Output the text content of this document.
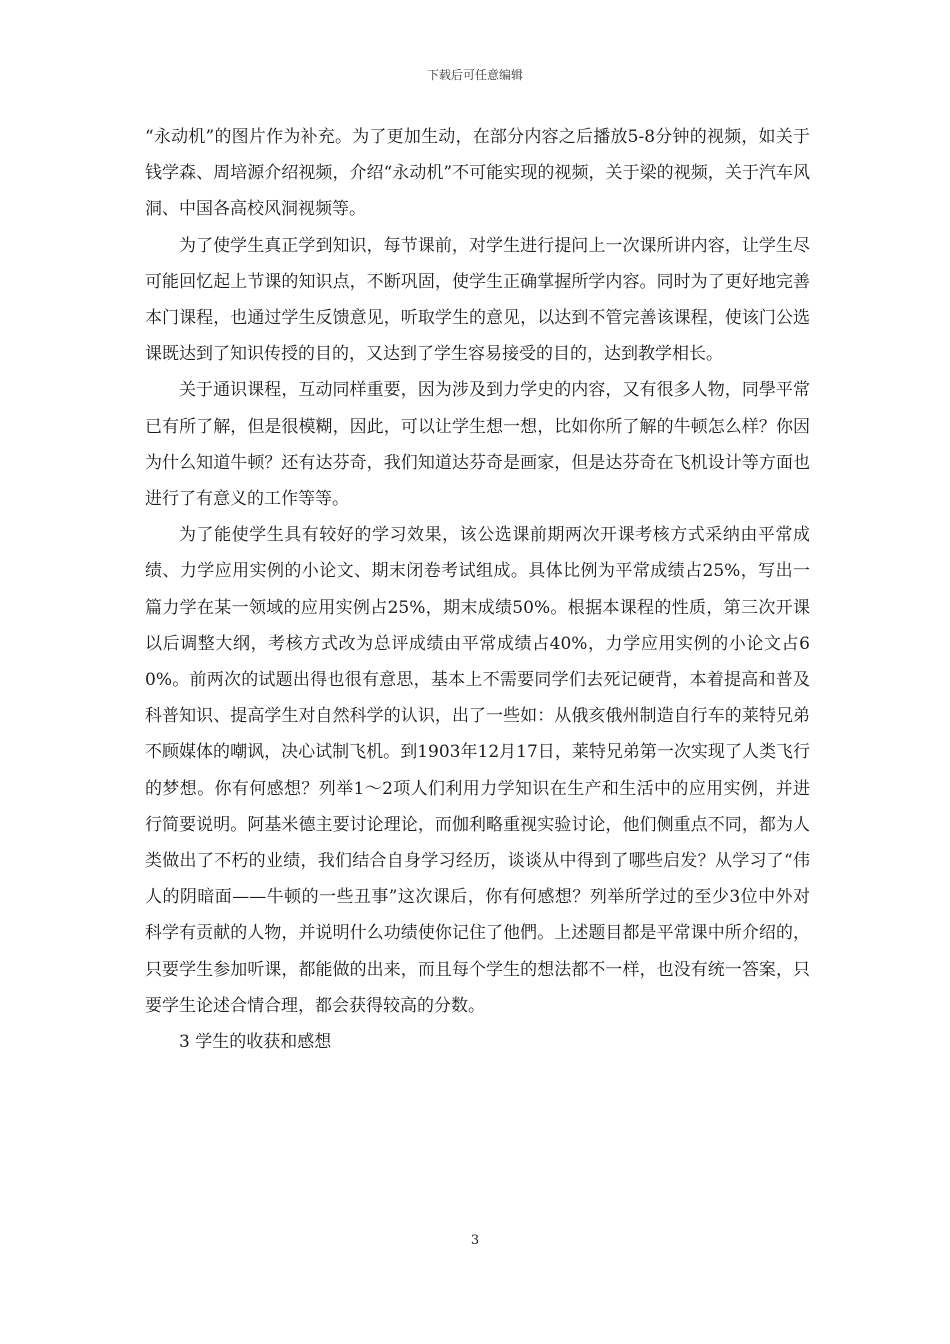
下载后可任意编辑

“永动机”的图片作为补充。为了更加生动，在部分内容之后播放5-8分钟的视频，如关于钱学森、周培源介绍视频，介绍“永动机”不可能实现的视频，关于梁的视频，关于汽车风洞、中国各高校风洞视频等。

为了使学生真正学到知识，每节课前，对学生进行提问上一次课所讲内容，让学生尽可能回忆起上节课的知识点，不断巩固，使学生正确掌握所学内容。同时为了更好地完善本门课程，也通过学生反馈意见，听取学生的意见，以达到不管完善该课程，使该门公选课既达到了知识传授的目的，又达到了学生容易接受的目的，达到教学相长。

关于通识课程，互动同样重要，因为涉及到力学史的内容，又有很多人物，同學平常已有所了解，但是很模糊，因此，可以让学生想一想，比如你所了解的牛顿怎么样？你因为什么知道牛顿？还有达芬奇，我们知道达芬奇是画家，但是达芬奇在飞机设计等方面也进行了有意义的工作等等。

为了能使学生具有较好的学习效果，该公选课前期两次开课考核方式采纳由平常成绩、力学应用实例的小论文、期末闭卷考试组成。具体比例为平常成绩占25%，写出一篇力学在某一领域的应用实例占25%，期末成绩50%。根据本课程的性质，第三次开课以后调整大纲，考核方式改为总评成绩由平常成绩占40%，力学应用实例的小论文占60%。前两次的试题出得也很有意思，基本上不需要同学们去死记硬背，本着提高和普及科普知识、提高学生对自然科学的认识，出了一些如：从俄亥俄州制造自行车的莱特兄弟不顾媒体的嘲讽，决心试制飞机。到1903年12月17日，莱特兄弟第一次实现了人类飞行的梦想。你有何感想？列举1～2项人们利用力学知识在生产和生活中的应用实例，并进行简要说明。阿基米德主要讨论理论，而伽利略重视实验讨论，他们侧重点不同，都为人类做出了不朽的业绩，我们结合自身学习经历，谈谈从中得到了哪些启发？从学习了“伟人的阴暗面——牛顿的一些丑事”这次课后，你有何感想？列举所学过的至少3位中外对科学有贡献的人物，并说明什么功绩使你记住了他們。上述题目都是平常课中所介绍的，只要学生参加听课，都能做的出来，而且每个学生的想法都不一样，也没有统一答案，只要学生论述合情合理，都会获得较高的分数。

3 学生的收获和感想

3
